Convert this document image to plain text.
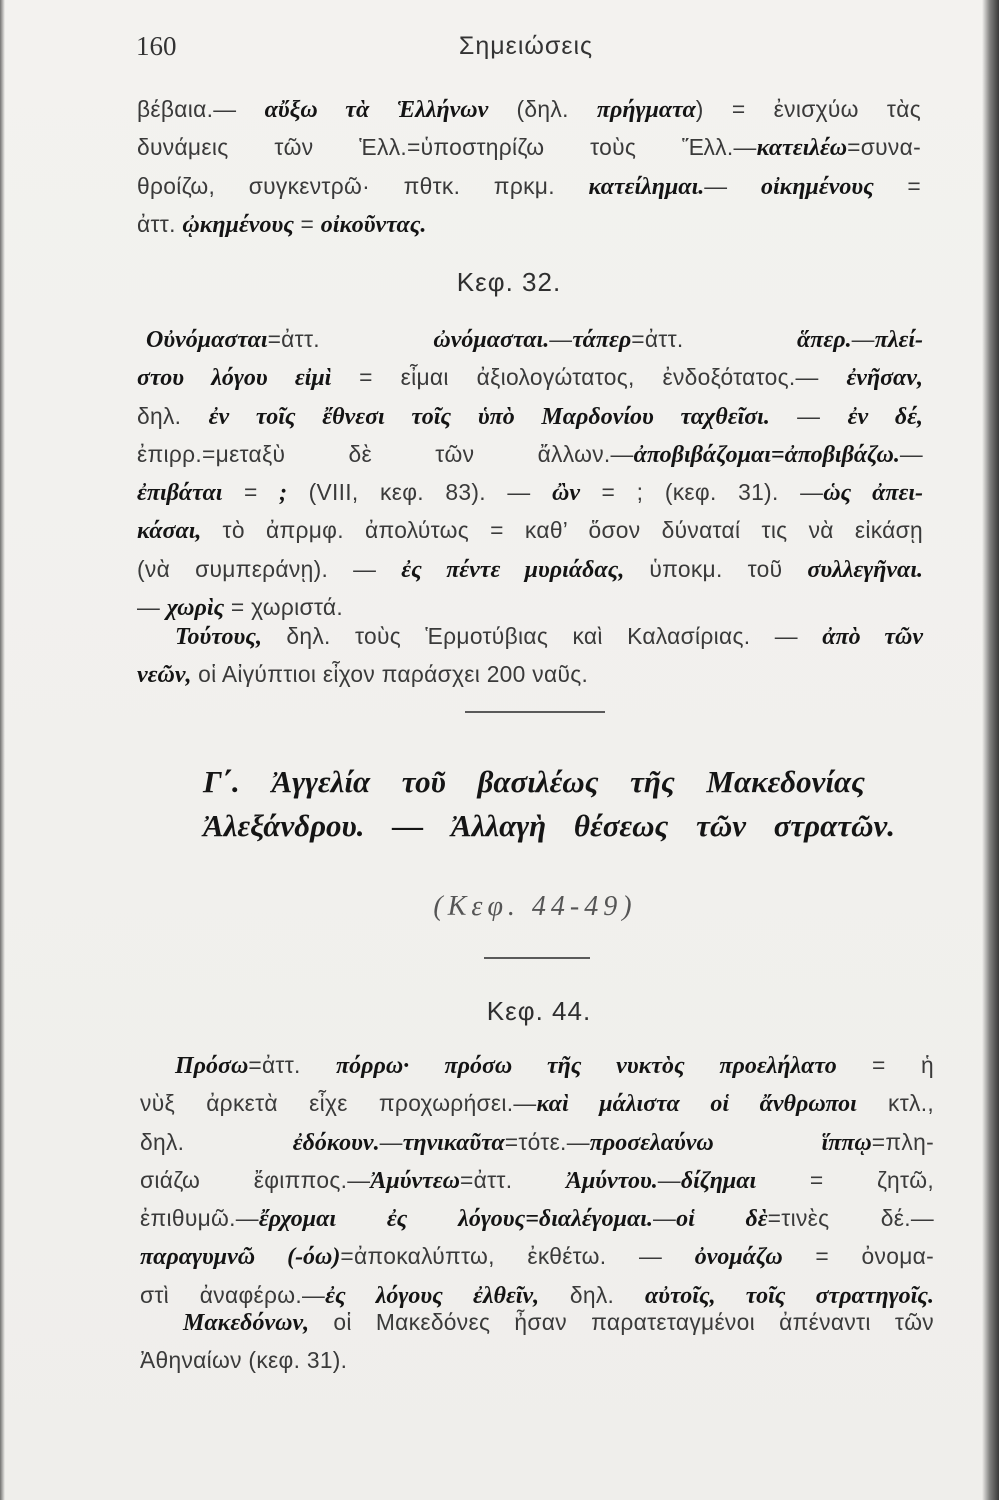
160	Σημειώσεις
βέβαια.— αὔξω τὰ Ἑλλήνων (δηλ. πρήγματα) = ἐνισχύω τὰς
δυνάμεις τῶν Ἑλλ.=ὑποστηρίζω τοὺς Ἕλλ.—κατειλέω=συνα-
θροίζω, συγκεντρῶ· πθτκ. πρκμ. κατείλημαι.— οἰκημένους =
ἀττ. ᾠκημένους = οἰκοῦντας.
Κεφ. 32.
Οὐνόμασται=ἀττ. ὠνόμασται.—τάπερ=ἀττ. ἅπερ.—πλεί-
στου λόγου εἰμὶ = εἶμαι ἀξιολογώτατος, ἐνδοξότατος.— ἐνῆσαν,
δηλ. ἐν τοῖς ἔθνεσι τοῖς ὑπὸ Μαρδονίου ταχθεῖσι. — ἐν δέ,
ἐπιρρ.=μεταξὺ δὲ τῶν ἄλλων.—ἀποβιβάζομαι=ἀποβιβάζω.—
ἐπιβάται = ; (VIII, κεφ. 83). — ὢν = ; (κεφ. 31). —ὡς ἀπει-
κάσαι, τὸ ἀπρμφ. ἀπολύτως = καθ’ ὅσον δύναταί τις νὰ εἰκάσῃ
(νὰ συμπεράνῃ). — ἐς πέντε μυριάδας, ὑποκμ. τοῦ συλλεγῆναι.
— χωρὶς = χωριστά.
Τούτους, δηλ. τοὺς Ἑρμοτύβιας καὶ Καλασίριας. — ἀπὸ τῶν
νεῶν, οἱ Αἰγύπτιοι εἶχον παράσχει 200 ναῦς.
Γ΄. Ἀγγελία τοῦ βασιλέως τῆς Μακεδονίας
Ἀλεξάνδρου. — Ἀλλαγὴ θέσεως τῶν στρατῶν.
(Κεφ. 44-49)
Κεφ. 44.
Πρόσω=ἀττ. πόρρω· πρόσω τῆς νυκτὸς προελήλατο = ἡ
νὺξ ἀρκετὰ εἶχε προχωρήσει.—καὶ μάλιστα οἱ ἄνθρωποι κτλ.,
δηλ. ἐδόκουν.—τηνικαῦτα=τότε.—προσελαύνω ἵππῳ=πλη-
σιάζω ἔφιππος.—Ἀμύντεω=ἀττ. Ἀμύντου.—δίζημαι = ζητῶ,
ἐπιθυμῶ.—ἔρχομαι ἐς λόγους=διαλέγομαι.—οἱ δὲ=τινὲς δέ.—
παραγυμνῶ (-όω)=ἀποκαλύπτω, ἐκθέτω. — ὀνομάζω = ὀνομα-
στὶ ἀναφέρω.—ἐς λόγους ἐλθεῖν, δηλ. αὐτοῖς, τοῖς στρατηγοῖς.
Μακεδόνων, οἱ Μακεδόνες ἦσαν παρατεταγμένοι ἀπέναντι τῶν
Ἀθηναίων (κεφ. 31).
